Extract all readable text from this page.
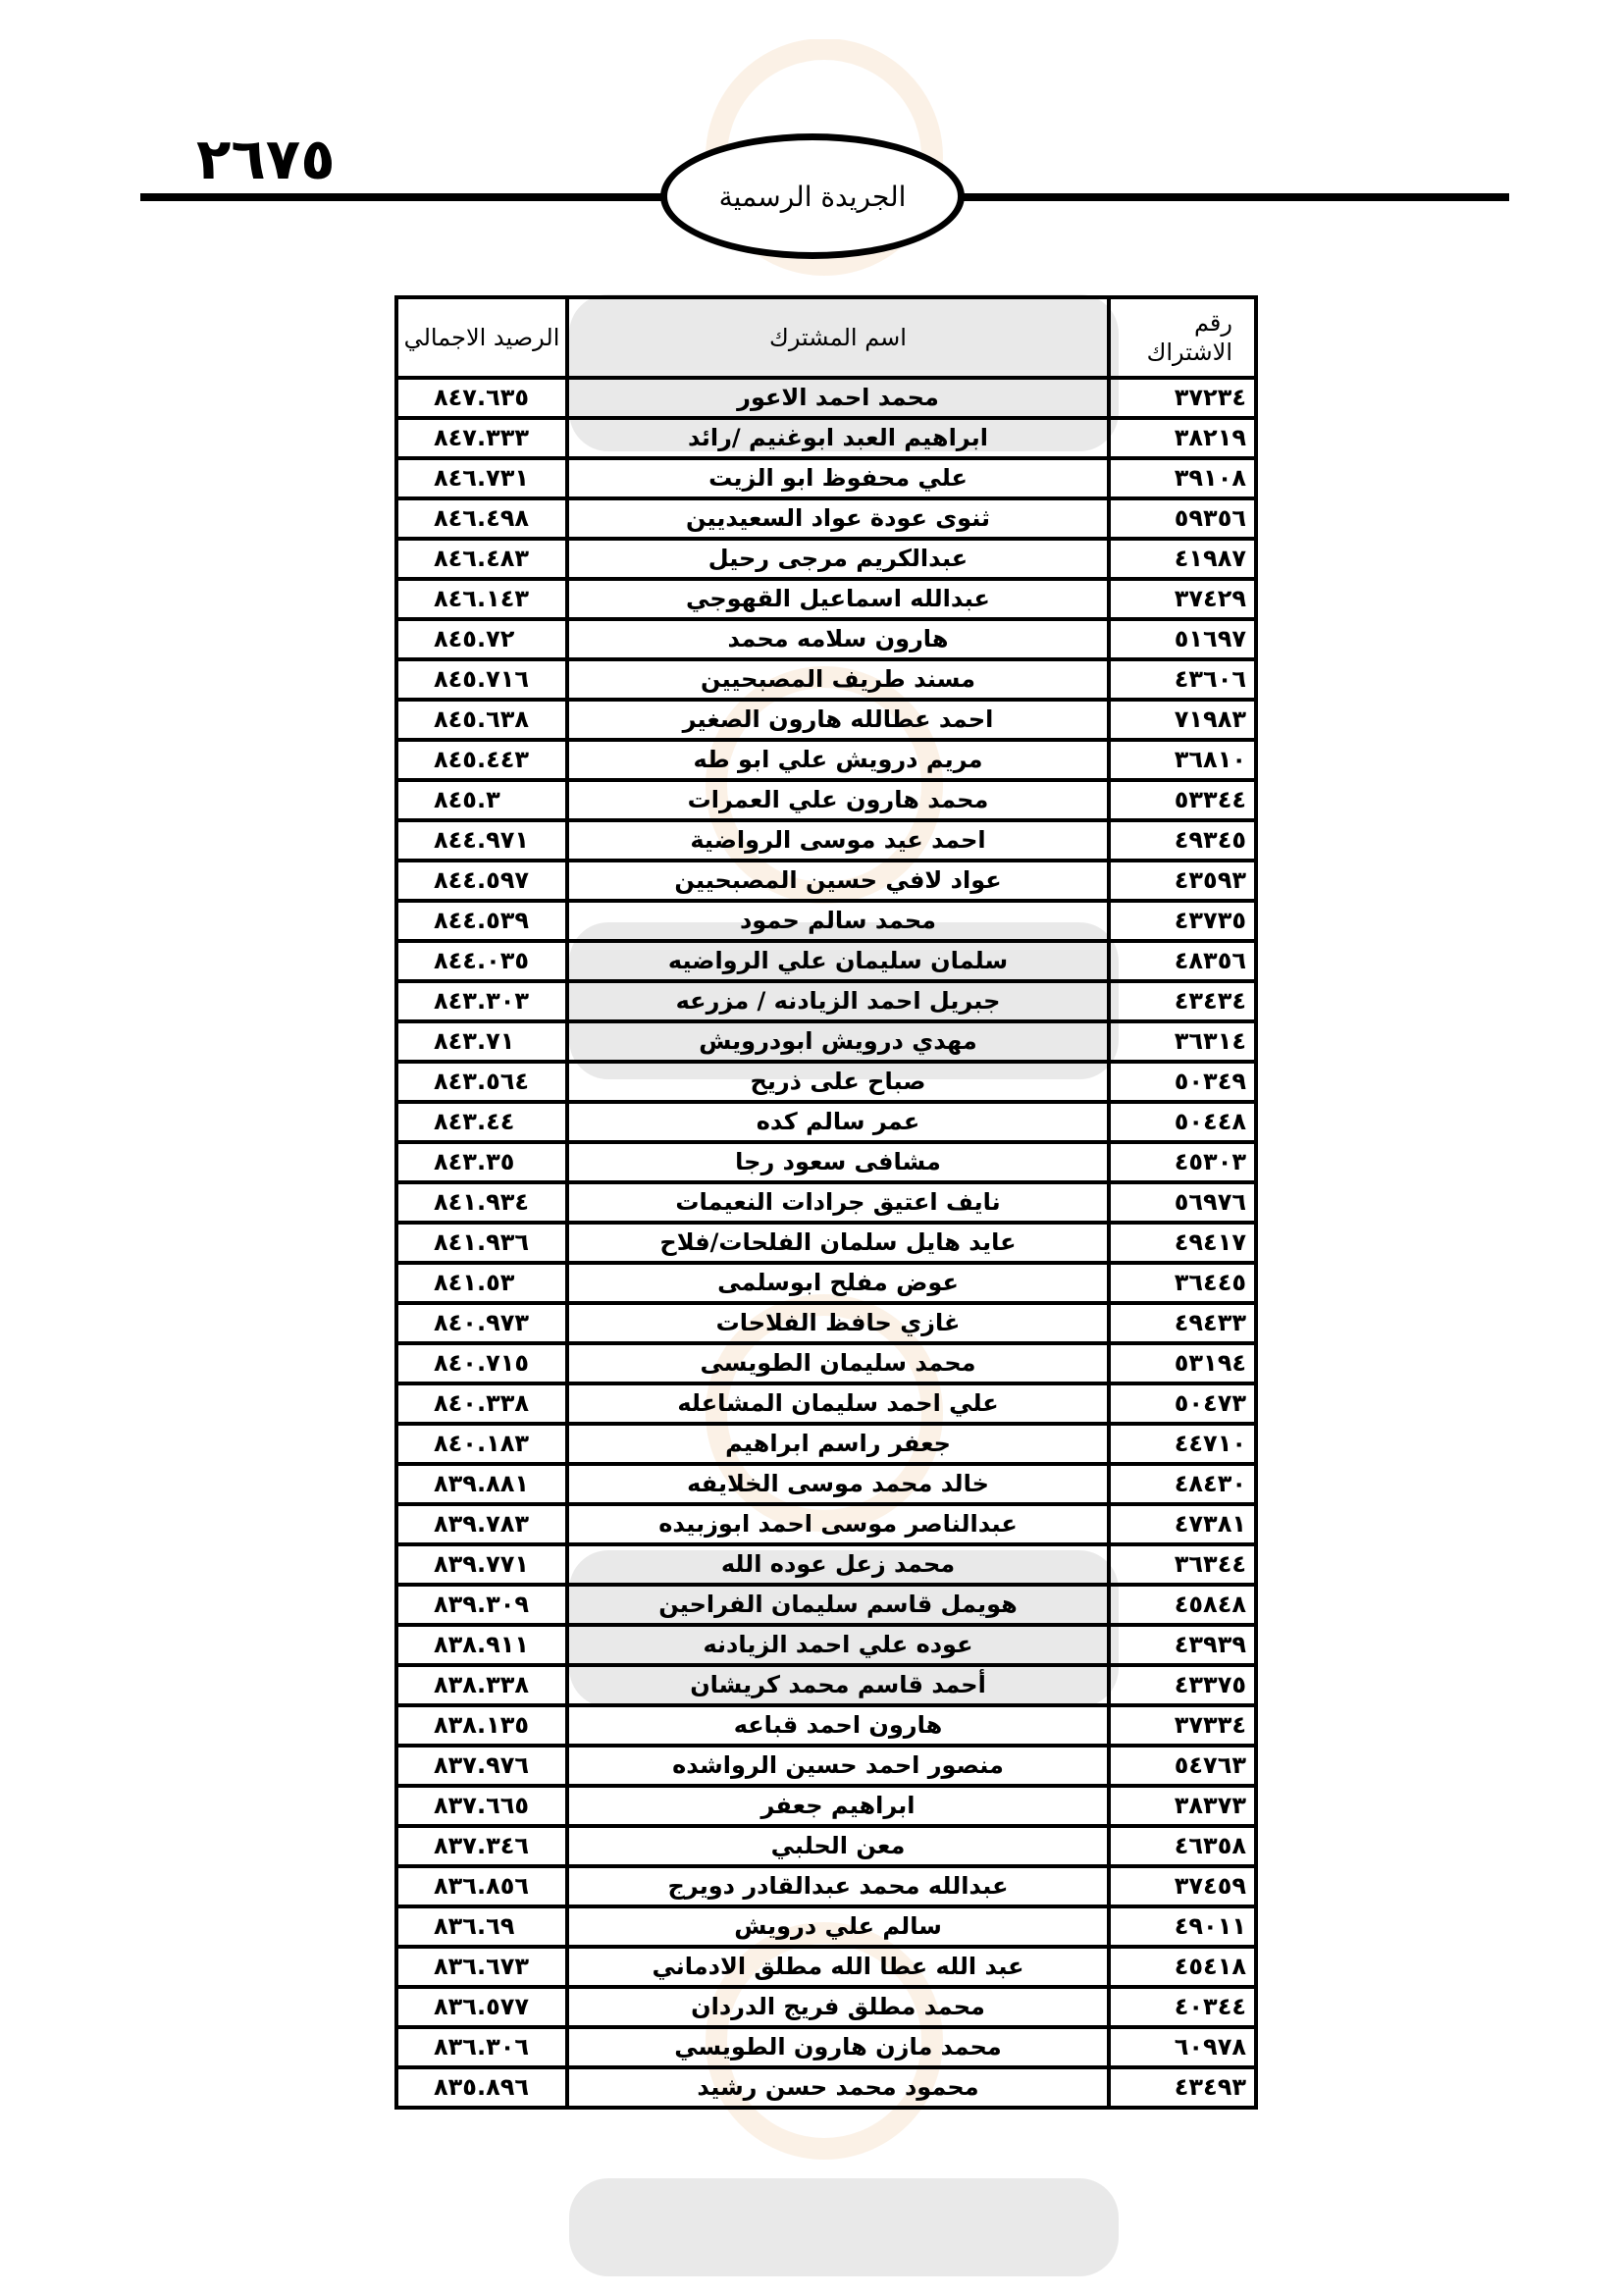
٢٦٧٥
الجريدة الرسمية
رقم الاشتراك	اسم المشترك	الرصيد الاجمالي
٣٧٢٣٤	محمد احمد الاعور	٨٤٧.٦٣٥
٣٨٢١٩	ابراهيم العبد ابوغنيم /رائد	٨٤٧.٣٣٣
٣٩١٠٨	علي محفوظ ابو الزيت	٨٤٦.٧٣١
٥٩٣٥٦	ثنوى عودة عواد السعيديين	٨٤٦.٤٩٨
٤١٩٨٧	عبدالكريم مرجى رحيل	٨٤٦.٤٨٣
٣٧٤٢٩	عبدالله اسماعيل القهوجي	٨٤٦.١٤٣
٥١٦٩٧	هارون سلامه محمد	٨٤٥.٧٢
٤٣٦٠٦	مسند طريف المصبحيين	٨٤٥.٧١٦
٧١٩٨٣	احمد عطالله هارون الصغير	٨٤٥.٦٣٨
٣٦٨١٠	مريم درويش علي ابو طه	٨٤٥.٤٤٣
٥٣٣٤٤	محمد هارون علي العمرات	٨٤٥.٣
٤٩٣٤٥	احمد عيد موسى الرواضية	٨٤٤.٩٧١
٤٣٥٩٣	عواد لافي حسين المصبحيين	٨٤٤.٥٩٧
٤٣٧٣٥	محمد سالم حمود	٨٤٤.٥٣٩
٤٨٣٥٦	سلمان سليمان علي الرواضيه	٨٤٤.٠٣٥
٤٣٤٣٤	جبريل احمد الزيادنه / مزرعه	٨٤٣.٣٠٣
٣٦٣١٤	مهدي درويش ابودرويش	٨٤٣.٧١
٥٠٣٤٩	صباح على ذريح	٨٤٣.٥٦٤
٥٠٤٤٨	عمر سالم كده	٨٤٣.٤٤
٤٥٣٠٣	مشافى سعود رجا	٨٤٣.٣٥
٥٦٩٧٦	نايف اعتيق جرادات النعيمات	٨٤١.٩٣٤
٤٩٤١٧	عايد هايل سلمان الفلحات/فلاح	٨٤١.٩٣٦
٣٦٤٤٥	عوض مفلح ابوسلمى	٨٤١.٥٣
٤٩٤٣٣	غازي حافظ الفلاحات	٨٤٠.٩٧٣
٥٣١٩٤	محمد سليمان الطويسى	٨٤٠.٧١٥
٥٠٤٧٣	علي احمد سليمان المشاعله	٨٤٠.٣٣٨
٤٤٧١٠	جعفر راسم ابراهيم	٨٤٠.١٨٣
٤٨٤٣٠	خالد محمد موسى الخلايفه	٨٣٩.٨٨١
٤٧٣٨١	عبدالناصر موسى احمد ابوزبيده	٨٣٩.٧٨٣
٣٦٣٤٤	محمد زعل عوده الله	٨٣٩.٧٧١
٤٥٨٤٨	هويمل قاسم سليمان الفراحين	٨٣٩.٣٠٩
٤٣٩٣٩	عوده علي احمد الزيادنه	٨٣٨.٩١١
٤٣٣٧٥	أحمد قاسم محمد كريشان	٨٣٨.٣٣٨
٣٧٣٣٤	هارون احمد قباعه	٨٣٨.١٣٥
٥٤٧٦٣	منصور احمد حسين الرواشده	٨٣٧.٩٧٦
٣٨٣٧٣	ابراهيم جعفر	٨٣٧.٦٦٥
٤٦٣٥٨	معن الحلبي	٨٣٧.٣٤٦
٣٧٤٥٩	عبدالله محمد عبدالقادر دويرج	٨٣٦.٨٥٦
٤٩٠١١	سالم علي درويش	٨٣٦.٦٩
٤٥٤١٨	عبد الله عطا الله مطلق الادماني	٨٣٦.٦٧٣
٤٠٣٤٤	محمد مطلق فريج الدردان	٨٣٦.٥٧٧
٦٠٩٧٨	محمد مازن هارون الطويسي	٨٣٦.٣٠٦
٤٣٤٩٣	محمود محمد حسن رشيد	٨٣٥.٨٩٦
